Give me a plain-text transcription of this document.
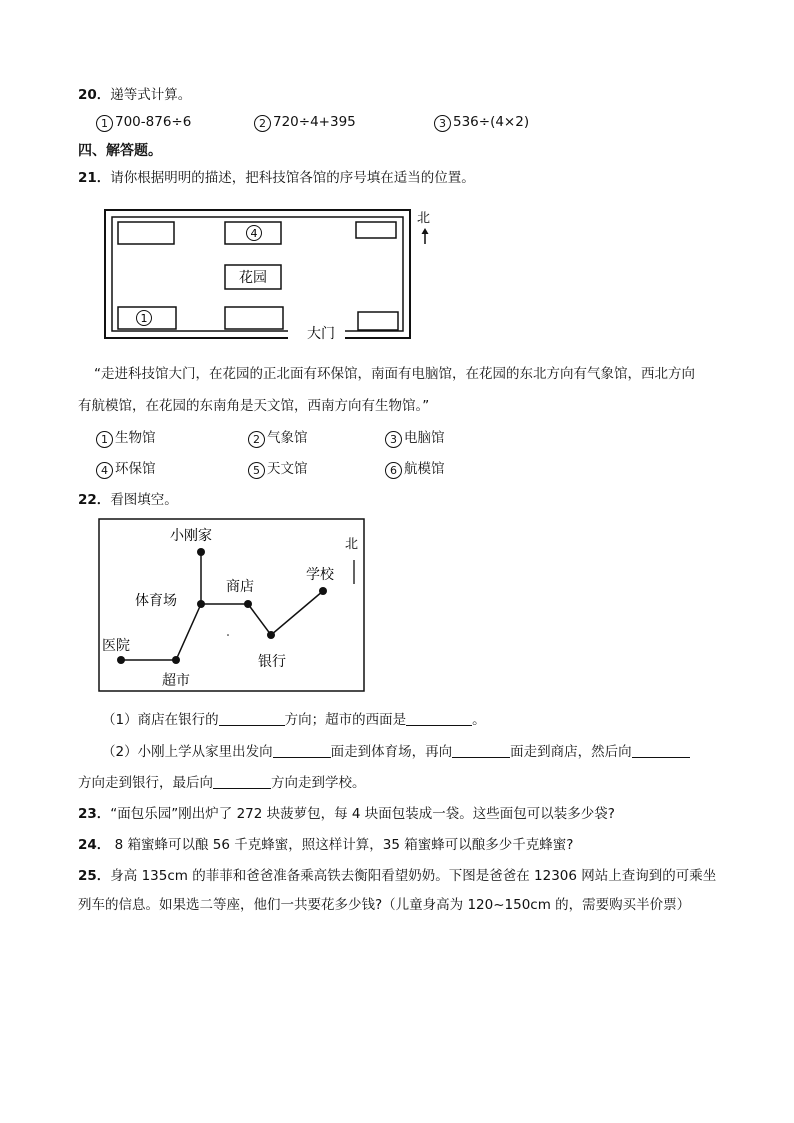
20．递等式计算。
1 700-876÷6	2 720÷4+395	3 536÷(4×2)
四、解答题。
21．请你根据明明的描述，把科技馆各馆的序号填在适当的位置。
4
1
花园
大门
北
“走进科技馆大门，在花园的正北面有环保馆，南面有电脑馆，在花园的东北方向有气象馆，西北方向
有航模馆，在花园的东南角是天文馆，西南方向有生物馆。”
1 生物馆	2 气象馆	3 电脑馆
4 环保馆	5 天文馆	6 航模馆
22．看图填空。
小刚家
体育场
商店
学校
医院
超市
银行
北
（1）商店在银行的	方向；超市的西面是	。
（2）小刚上学从家里出发向	面走到体育场，再向	面走到商店，然后向
方向走到银行，最后向	方向走到学校。
23．“面包乐园”刚出炉了 272 块菠萝包，每 4 块面包装成一袋。这些面包可以装多少袋?
24． 8 箱蜜蜂可以酿 56 千克蜂蜜，照这样计算，35 箱蜜蜂可以酿多少千克蜂蜜?
25．身高 135cm 的菲菲和爸爸准备乘高铁去衡阳看望奶奶。下图是爸爸在 12306 网站上查询到的可乘坐
列车的信息。如果选二等座，他们一共要花多少钱?（儿童身高为 120~150cm 的，需要购买半价票）
